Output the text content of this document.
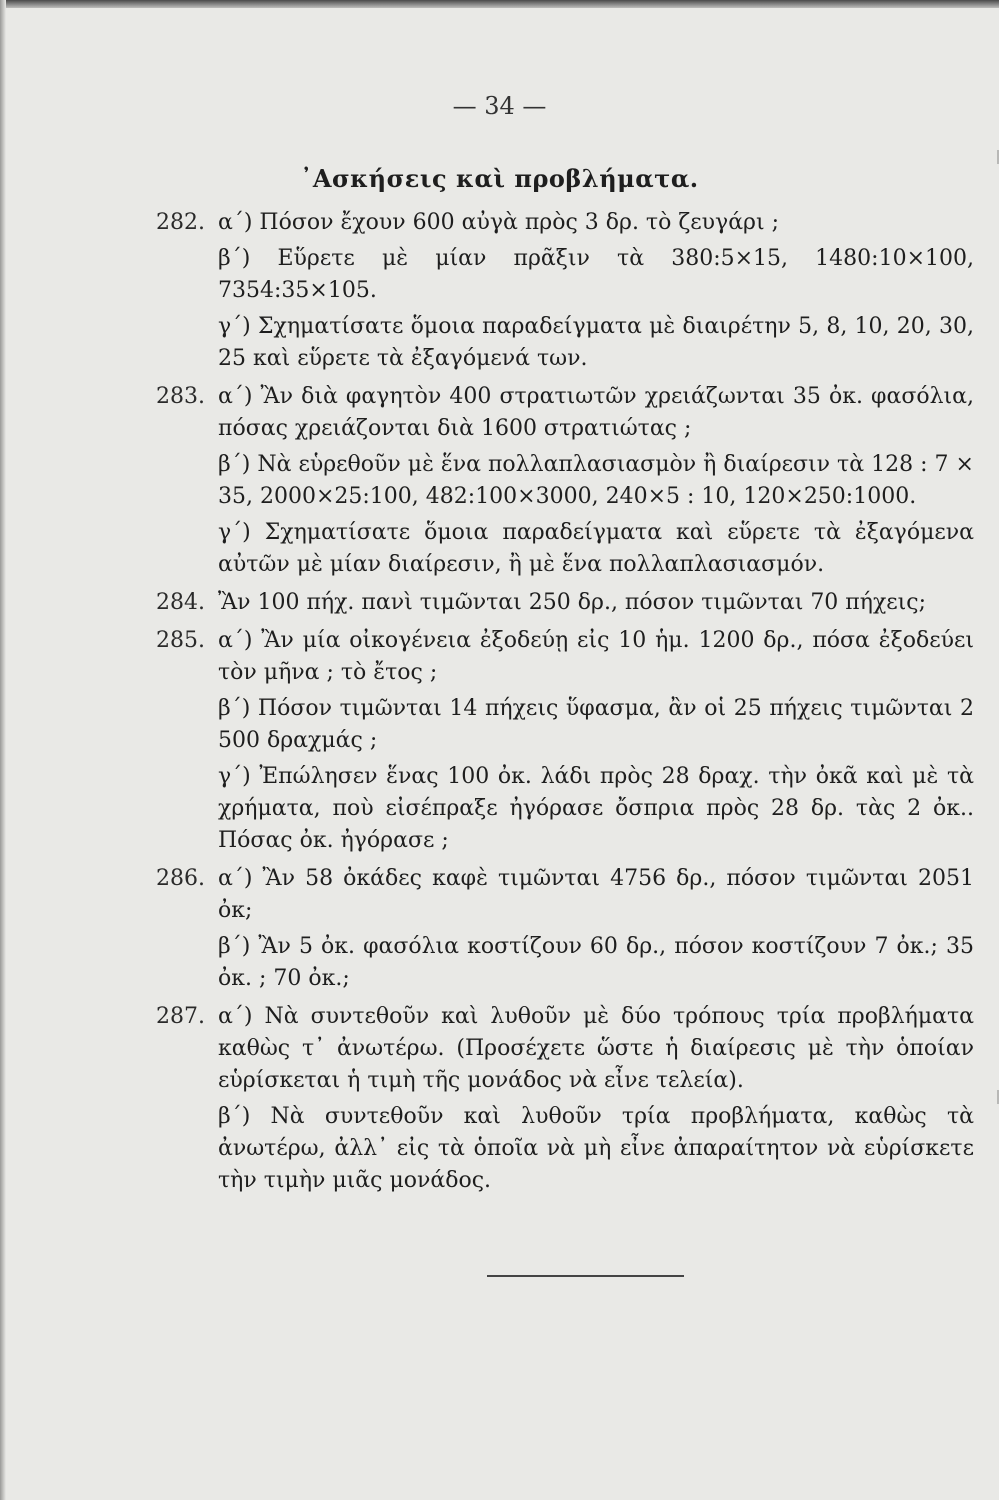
— 34 —
᾿Ασκήσεις καὶ προβλήματα.
282. α΄) Πόσον ἔχουν 600 αὐγὰ πρὸς 3 δρ. τὸ ζευγάρι ;
β΄) Εὕρετε μὲ μίαν πρᾶξιν τὰ 380:5×15, 1480:10×100, 7354:35×105.
γ΄) Σχηματίσατε ὅμοια παραδείγματα μὲ διαιρέτην 5, 8, 10, 20, 30, 25 καὶ εὕρετε τὰ ἐξαγόμενά των.
283. α΄) Ἂν διὰ φαγητὸν 400 στρατιωτῶν χρειάζωνται 35 ὀκ. φασόλια, πόσας χρειάζονται διὰ 1600 στρατιώτας ;
β΄) Νὰ εὑρεθοῦν μὲ ἕνα πολλαπλασιασμὸν ἢ διαίρεσιν τὰ 128 : 7 × 35, 2000×25:100, 482:100×3000, 240×5 : 10, 120×250:1000.
γ΄) Σχηματίσατε ὅμοια παραδείγματα καὶ εὕρετε τὰ ἐξαγόμενα αὐτῶν μὲ μίαν διαίρεσιν, ἢ μὲ ἕνα πολλαπλασιασμόν.
284. Ἂν 100 πήχ. πανὶ τιμῶνται 250 δρ., πόσον τιμῶνται 70 πήχεις;
285. α΄) Ἂν μία οἰκογένεια ἐξοδεύῃ εἰς 10 ἡμ. 1200 δρ., πόσα ἐξοδεύει τὸν μῆνα ; τὸ ἔτος ;
β΄) Πόσον τιμῶνται 14 πήχεις ὕφασμα, ἂν οἱ 25 πήχεις τιμῶνται 2 500 δραχμάς ;
γ΄) Ἐπώλησεν ἕνας 100 ὀκ. λάδι πρὸς 28 δραχ. τὴν ὀκᾶ καὶ μὲ τὰ χρήματα, ποὺ εἰσέπραξε ἠγόρασε ὄσπρια πρὸς 28 δρ. τὰς 2 ὀκ.. Πόσας ὀκ. ἠγόρασε ;
286. α΄) Ἂν 58 ὀκάδες καφὲ τιμῶνται 4756 δρ., πόσον τιμῶνται 2051 ὀκ;
β΄) Ἂν 5 ὀκ. φασόλια κοστίζουν 60 δρ., πόσον κοστίζουν 7 ὀκ.; 35 ὀκ. ; 70 ὀκ.;
287. α΄) Νὰ συντεθοῦν καὶ λυθοῦν μὲ δύο τρόπους τρία προβλήματα καθὼς τ᾿ ἀνωτέρω. (Προσέχετε ὥστε ἡ διαίρεσις μὲ τὴν ὁποίαν εὑρίσκεται ἡ τιμὴ τῆς μονάδος νὰ εἶνε τελεία).
β΄) Νὰ συντεθοῦν καὶ λυθοῦν τρία προβλήματα, καθὼς τὰ ἀνωτέρω, ἀλλ᾿ εἰς τὰ ὁποῖα νὰ μὴ εἶνε ἀπαραίτητον νὰ εὑρίσκετε τὴν τιμὴν μιᾶς μονάδος.
